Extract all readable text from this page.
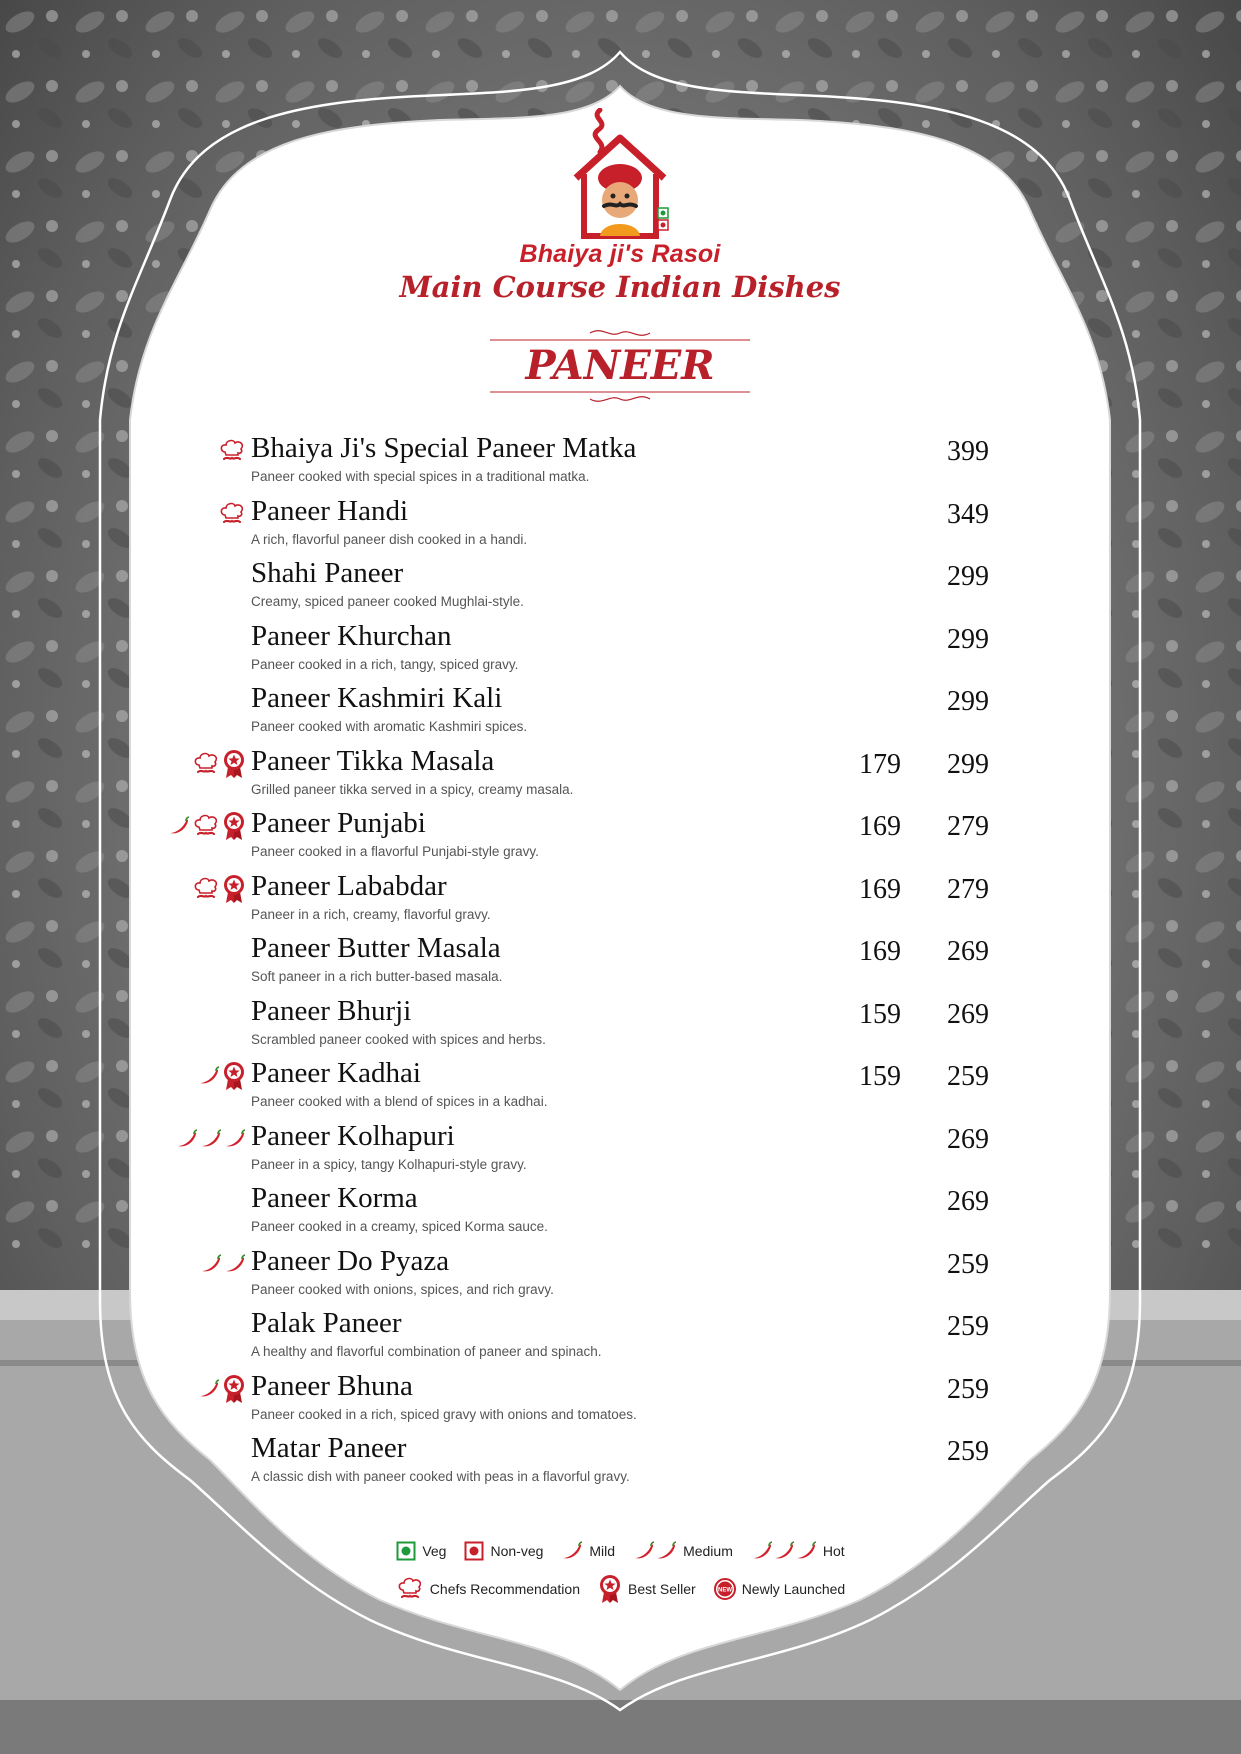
Bhaiya ji's Rasoi
Main Course Indian Dishes
PANEER
Bhaiya Ji's Special Paneer Matka
Paneer cooked with special spices in a traditional matka.
399
Paneer Handi
A rich, flavorful paneer dish cooked in a handi.
349
Shahi Paneer
Creamy, spiced paneer cooked Mughlai-style.
299
Paneer Khurchan
Paneer cooked in a rich, tangy, spiced gravy.
299
Paneer Kashmiri Kali
Paneer cooked with aromatic Kashmiri spices.
299
Paneer Tikka Masala
Grilled paneer tikka served in a spicy, creamy masala.
179	299
Paneer Punjabi
Paneer cooked in a flavorful Punjabi-style gravy.
169	279
Paneer Lababdar
Paneer in a rich, creamy, flavorful gravy.
169	279
Paneer Butter Masala
Soft paneer in a rich butter-based masala.
169	269
Paneer Bhurji
Scrambled paneer cooked with spices and herbs.
159	269
Paneer Kadhai
Paneer cooked with a blend of spices in a kadhai.
159	259
Paneer Kolhapuri
Paneer in a spicy, tangy Kolhapuri-style gravy.
269
Paneer Korma
Paneer cooked in a creamy, spiced Korma sauce.
269
Paneer Do Pyaza
Paneer cooked with onions, spices, and rich gravy.
259
Palak Paneer
A healthy and flavorful combination of paneer and spinach.
259
Paneer Bhuna
Paneer cooked in a rich, spiced gravy with onions and tomatoes.
259
Matar Paneer
A classic dish with paneer cooked with peas in a flavorful gravy.
259
Veg	Non-veg	Mild	Medium	Hot
Chefs Recommendation	Best Seller	NEW Newly Launched
